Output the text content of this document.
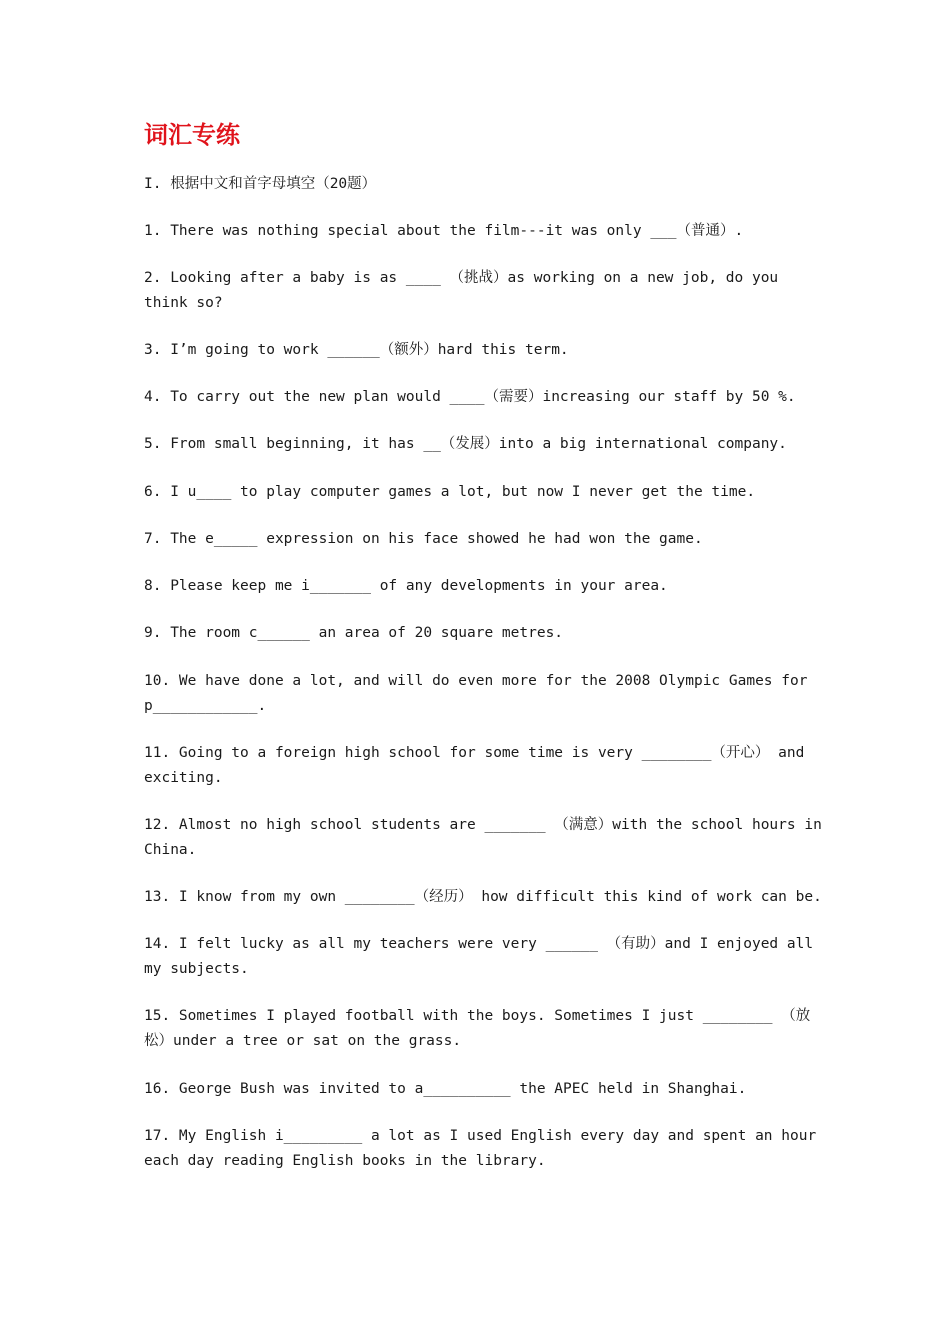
词汇专练

I. 根据中文和首字母填空（20题）

1. There was nothing special about the film---it was only ___（普通）.

2. Looking after a baby is as ____ （挑战）as working on a new job, do you

think so?

3. I’m going to work ______（额外）hard this term.

4. To carry out the new plan would ____（需要）increasing our staff by 50 %.

5. From small beginning, it has __（发展）into a big international company.

6. I u____ to play computer games a lot, but now I never get the time.

7. The e_____ expression on his face showed he had won the game.

8. Please keep me i_______ of any developments in your area.

9. The room c______ an area of 20 square metres.

10. We have done a lot, and will do even more for the 2008 Olympic Games for

p____________.

11. Going to a foreign high school for some time is very ________（开心） and

exciting.

12. Almost no high school students are _______ （满意）with the school hours in

China.

13. I know from my own ________（经历） how difficult this kind of work can be.

14. I felt lucky as all my teachers were very ______ （有助）and I enjoyed all

my subjects.

15. Sometimes I played football with the boys. Sometimes I just ________ （放

松）under a tree or sat on the grass.

16. George Bush was invited to a__________ the APEC held in Shanghai.

17. My English i_________ a lot as I used English every day and spent an hour

each day reading English books in the library.
